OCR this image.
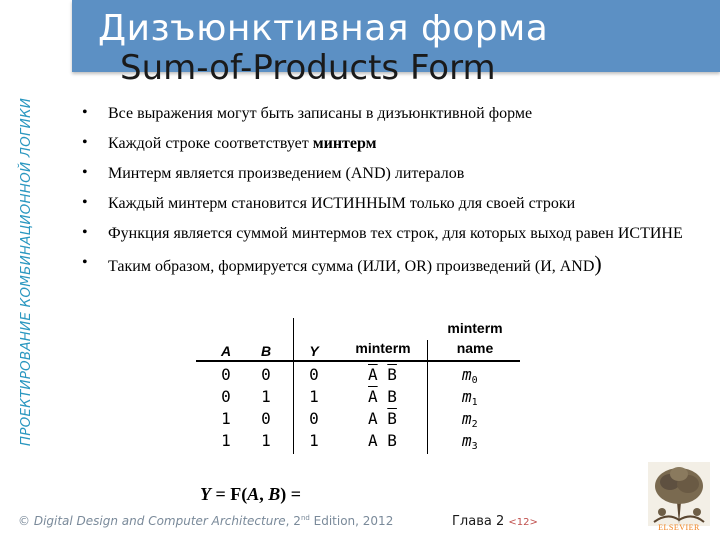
ПРОЕКТИРОВАНИЕ КОМБИНАЦИОННОЙ ЛОГИКИ
Дизъюнктивная форма
Sum-of-Products Form
• Все выражения могут быть записаны в дизъюнктивной форме
• Каждой строке соответствует минтерм
• Минтерм является произведением (AND) литералов
• Каждый минтерм становится ИСТИННЫМ только для своей строки
• Функция является суммой минтермов тех строк, для которых выход равен ИСТИНЕ
• Таким образом, формируется сумма (ИЛИ, OR) произведений (И, AND)
A	B	Y	minterm
minterm
name
0	0	0	$\overline{A}$ $\overline{B}$	$m_0$
0	1	1	$\overline{A}$ B	$m_1$
1	0	0	A $\overline{B}$	$m_2$
1	1	1	A B	$m_3$
Y = F(A, B) =
© Digital Design and Computer Architecture, 2nd Edition, 2012	Глава 2 <12>	ELSEVIER
